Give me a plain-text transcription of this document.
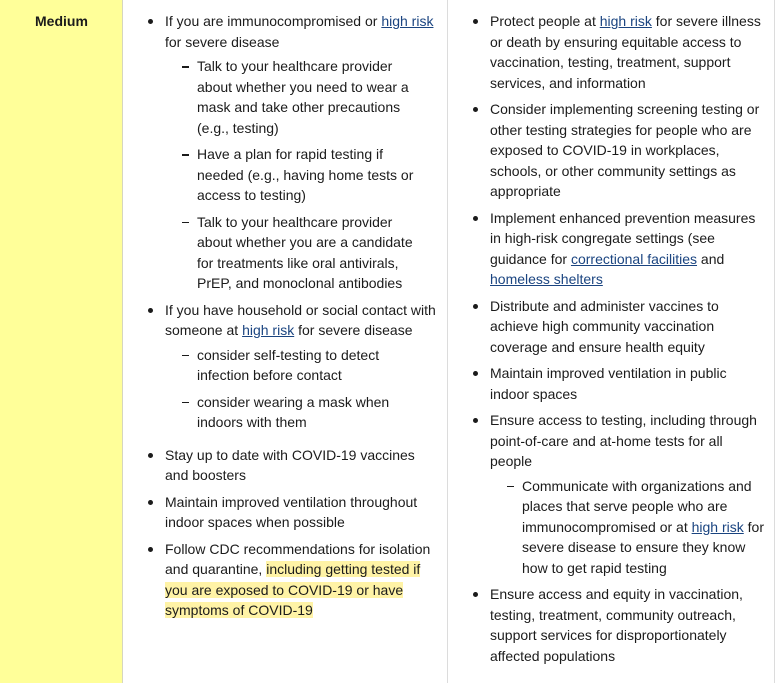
Medium	If you are immunocompromised or high risk for severe disease
Talk to your healthcare provider about whether you need to wear a mask and take other precautions (e.g., testing)
Have a plan for rapid testing if needed (e.g., having home tests or access to testing)
Talk to your healthcare provider about whether you are a candidate for treatments like oral antivirals, PrEP, and monoclonal antibodies
If you have household or social contact with someone at high risk for severe disease
consider self-testing to detect infection before contact
consider wearing a mask when indoors with them
Stay up to date with COVID-19 vaccines and boosters
Maintain improved ventilation throughout indoor spaces when possible
Follow CDC recommendations for isolation and quarantine, including getting tested if you are exposed to COVID-19 or have symptoms of COVID-19
Protect people at high risk for severe illness or death by ensuring equitable access to vaccination, testing, treatment, support services, and information
Consider implementing screening testing or other testing strategies for people who are exposed to COVID-19 in workplaces, schools, or other community settings as appropriate
Implement enhanced prevention measures in high-risk congregate settings (see guidance for correctional facilities and homeless shelters
Distribute and administer vaccines to achieve high community vaccination coverage and ensure health equity
Maintain improved ventilation in public indoor spaces
Ensure access to testing, including through point-of-care and at-home tests for all people
Communicate with organizations and places that serve people who are immunocompromised or at high risk for severe disease to ensure they know how to get rapid testing
Ensure access and equity in vaccination, testing, treatment, community outreach, support services for disproportionately affected populations
